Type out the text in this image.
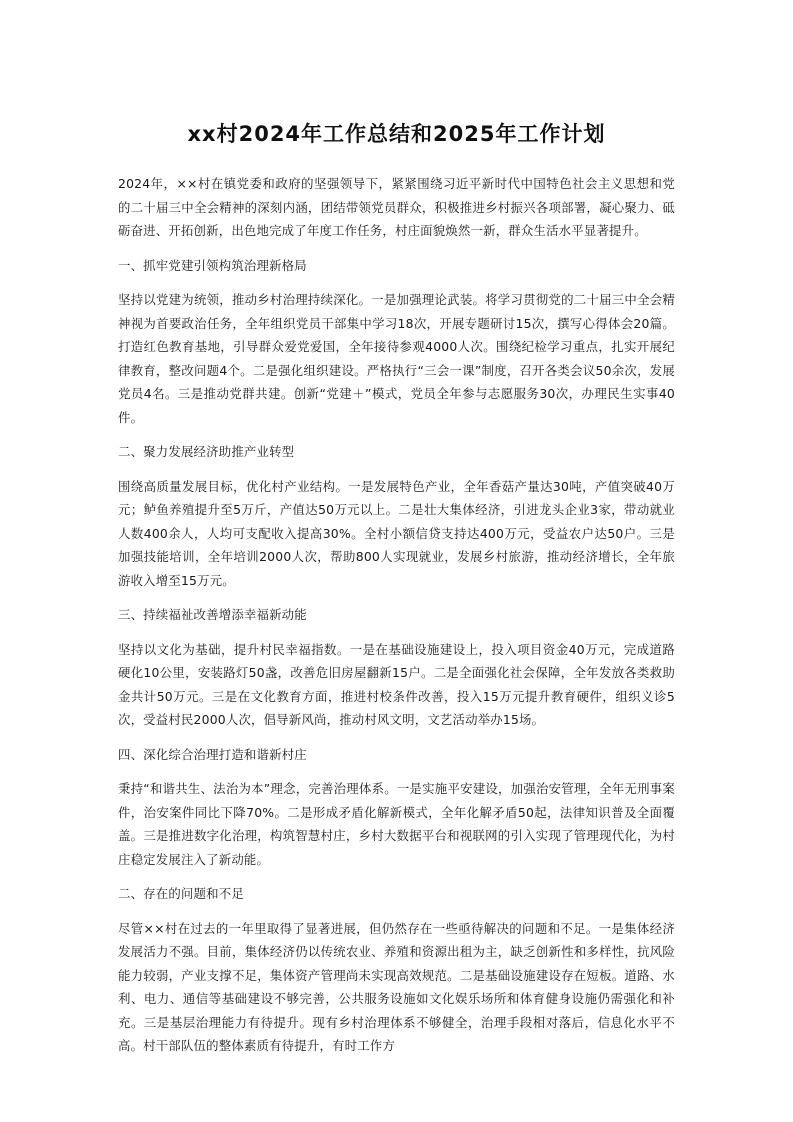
xx村2024年工作总结和2025年工作计划

2024年，××村在镇党委和政府的坚强领导下，紧紧围绕习近平新时代中国特色社会主义思想和党的二十届三中全会精神的深刻内涵，团结带领党员群众，积极推进乡村振兴各项部署，凝心聚力、砥砺奋进、开拓创新，出色地完成了年度工作任务，村庄面貌焕然一新，群众生活水平显著提升。

一、抓牢党建引领构筑治理新格局

坚持以党建为统领，推动乡村治理持续深化。一是加强理论武装。将学习贯彻党的二十届三中全会精神视为首要政治任务，全年组织党员干部集中学习18次，开展专题研讨15次，撰写心得体会20篇。打造红色教育基地，引导群众爱党爱国，全年接待参观4000人次。围绕纪检学习重点，扎实开展纪律教育，整改问题4个。二是强化组织建设。严格执行“三会一课”制度，召开各类会议50余次，发展党员4名。三是推动党群共建。创新“党建＋”模式，党员全年参与志愿服务30次，办理民生实事40件。

二、聚力发展经济助推产业转型

围绕高质量发展目标，优化村产业结构。一是发展特色产业，全年香菇产量达30吨，产值突破40万元；鲈鱼养殖提升至5万斤，产值达50万元以上。二是壮大集体经济，引进龙头企业3家，带动就业人数400余人，人均可支配收入提高30%。全村小额信贷支持达400万元，受益农户达50户。三是加强技能培训，全年培训2000人次，帮助800人实现就业，发展乡村旅游，推动经济增长，全年旅游收入增至15万元。

三、持续福祉改善增添幸福新动能

坚持以文化为基础，提升村民幸福指数。一是在基础设施建设上，投入项目资金40万元，完成道路硬化10公里，安装路灯50盏，改善危旧房屋翻新15户。二是全面强化社会保障，全年发放各类救助金共计50万元。三是在文化教育方面，推进村校条件改善，投入15万元提升教育硬件，组织义诊5次，受益村民2000人次，倡导新风尚，推动村风文明，文艺活动举办15场。

四、深化综合治理打造和谐新村庄

秉持“和谐共生、法治为本”理念，完善治理体系。一是实施平安建设，加强治安管理，全年无刑事案件，治安案件同比下降70%。二是形成矛盾化解新模式，全年化解矛盾50起，法律知识普及全面覆盖。三是推进数字化治理，构筑智慧村庄，乡村大数据平台和视联网的引入实现了管理现代化，为村庄稳定发展注入了新动能。

二、存在的问题和不足

尽管××村在过去的一年里取得了显著进展，但仍然存在一些亟待解决的问题和不足。一是集体经济发展活力不强。目前，集体经济仍以传统农业、养殖和资源出租为主，缺乏创新性和多样性，抗风险能力较弱，产业支撑不足，集体资产管理尚未实现高效规范。二是基础设施建设存在短板。道路、水利、电力、通信等基础建设不够完善，公共服务设施如文化娱乐场所和体育健身设施仍需强化和补充。三是基层治理能力有待提升。现有乡村治理体系不够健全，治理手段相对落后，信息化水平不高。村干部队伍的整体素质有待提升，有时工作方
